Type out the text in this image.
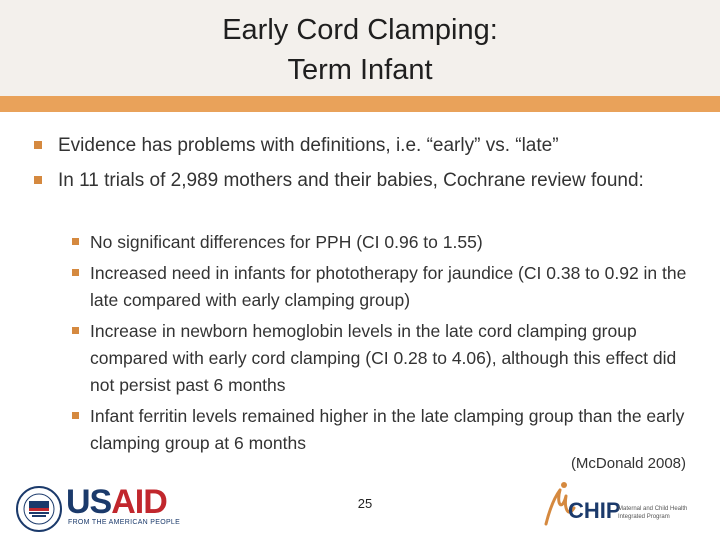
Early Cord Clamping:
Term Infant
Evidence has problems with definitions, i.e. “early” vs. “late”
In 11 trials of 2,989 mothers and their babies, Cochrane review found:
No significant differences for PPH (CI 0.96 to 1.55)
Increased need in infants for phototherapy for jaundice (CI 0.38 to 0.92 in the late compared with early clamping group)
Increase in newborn hemoglobin levels in the late cord clamping group compared with early cord clamping (CI 0.28 to 4.06), although this effect did not persist past 6 months
Infant ferritin levels remained higher in the late clamping group than the early clamping group at 6 months
(McDonald 2008)
USAID
FROM THE AMERICAN PEOPLE
25	CHIP
Maternal and Child Health
Integrated Program
